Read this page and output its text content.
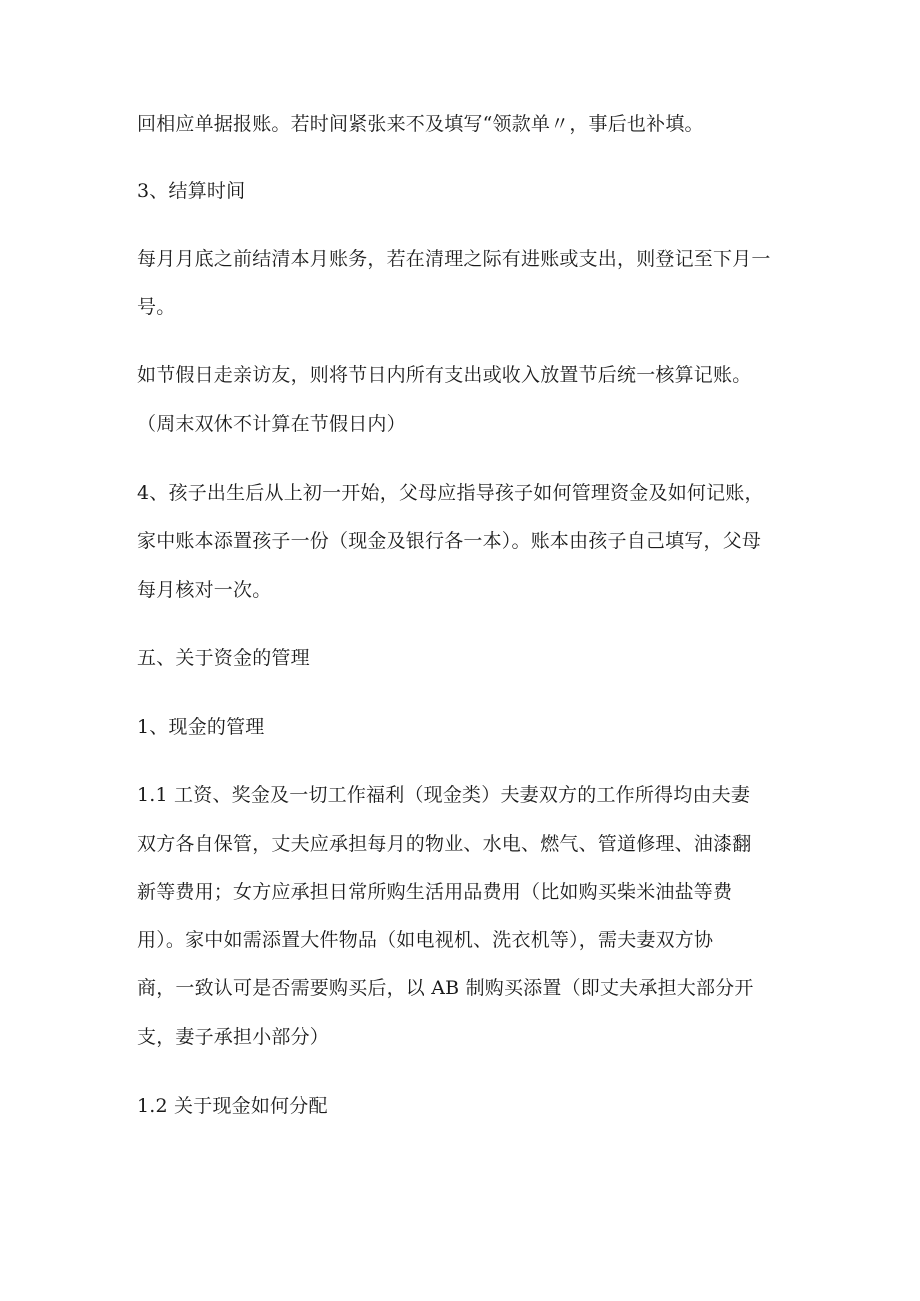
回相应单据报账。若时间紧张来不及填写“领款单〃，事后也补填。
3、结算时间
每月月底之前结清本月账务，若在清理之际有进账或支出，则登记至下月一
号。
如节假日走亲访友，则将节日内所有支出或收入放置节后统一核算记账。
（周末双休不计算在节假日内）
4、孩子出生后从上初一开始，父母应指导孩子如何管理资金及如何记账，
家中账本添置孩子一份（现金及银行各一本）。账本由孩子自己填写，父母
每月核对一次。
五、关于资金的管理
1、现金的管理
1.1 工资、奖金及一切工作福利（现金类）夫妻双方的工作所得均由夫妻
双方各自保管，丈夫应承担每月的物业、水电、燃气、管道修理、油漆翻
新等费用；女方应承担日常所购生活用品费用（比如购买柴米油盐等费
用）。家中如需添置大件物品（如电视机、洗衣机等），需夫妻双方协
商，一致认可是否需要购买后，以 AB 制购买添置（即丈夫承担大部分开
支，妻子承担小部分）
1.2 关于现金如何分配
